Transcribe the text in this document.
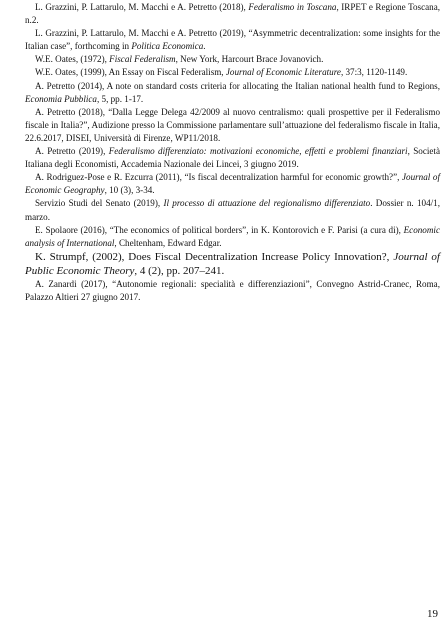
L. Grazzini, P. Lattarulo, M. Macchi e A. Petretto (2018), Federalismo in Toscana, IRPET e Regione Toscana, n.2.

L. Grazzini, P. Lattarulo, M. Macchi e A. Petretto (2019), “Asymmetric decentralization: some insights for the Italian case”, forthcoming in Politica Economica.

W.E. Oates, (1972), Fiscal Federalism, New York, Harcourt Brace Jovanovich.

W.E. Oates, (1999), An Essay on Fiscal Federalism, Journal of Economic Literature, 37:3, 1120-1149.

A. Petretto (2014), A note on standard costs criteria for allocating the Italian national health fund to Regions, Economia Pubblica, 5, pp. 1-17.

A. Petretto (2018), “Dalla Legge Delega 42/2009 al nuovo centralismo: quali prospettive per il Federalismo fiscale in Italia?”, Audizione presso la Commissione parlamentare sull’attuazione del federalismo fiscale in Italia, 22.6.2017, DISEI, Università di Firenze, WP11/2018.

A. Petretto (2019), Federalismo differenziato: motivazioni economiche, effetti e problemi finanziari, Società Italiana degli Economisti, Accademia Nazionale dei Lincei, 3 giugno 2019.

A. Rodriguez-Pose e R. Ezcurra (2011), “Is fiscal decentralization harmful for economic growth?”, Journal of Economic Geography, 10 (3), 3-34.

Servizio Studi del Senato (2019), Il processo di attuazione del regionalismo differenziato. Dossier n. 104/1, marzo.

E. Spolaore (2016), “The economics of political borders”, in K. Kontorovich e F. Parisi (a cura di), Economic analysis of International, Cheltenham, Edward Edgar.

K. Strumpf, (2002), Does Fiscal Decentralization Increase Policy Innovation?, Journal of Public Economic Theory, 4 (2), pp. 207–241.

A. Zanardi (2017), “Autonomie regionali: specialità e differenziazioni”, Convegno Astrid-Cranec, Roma, Palazzo Altieri 27 giugno 2017.

19
